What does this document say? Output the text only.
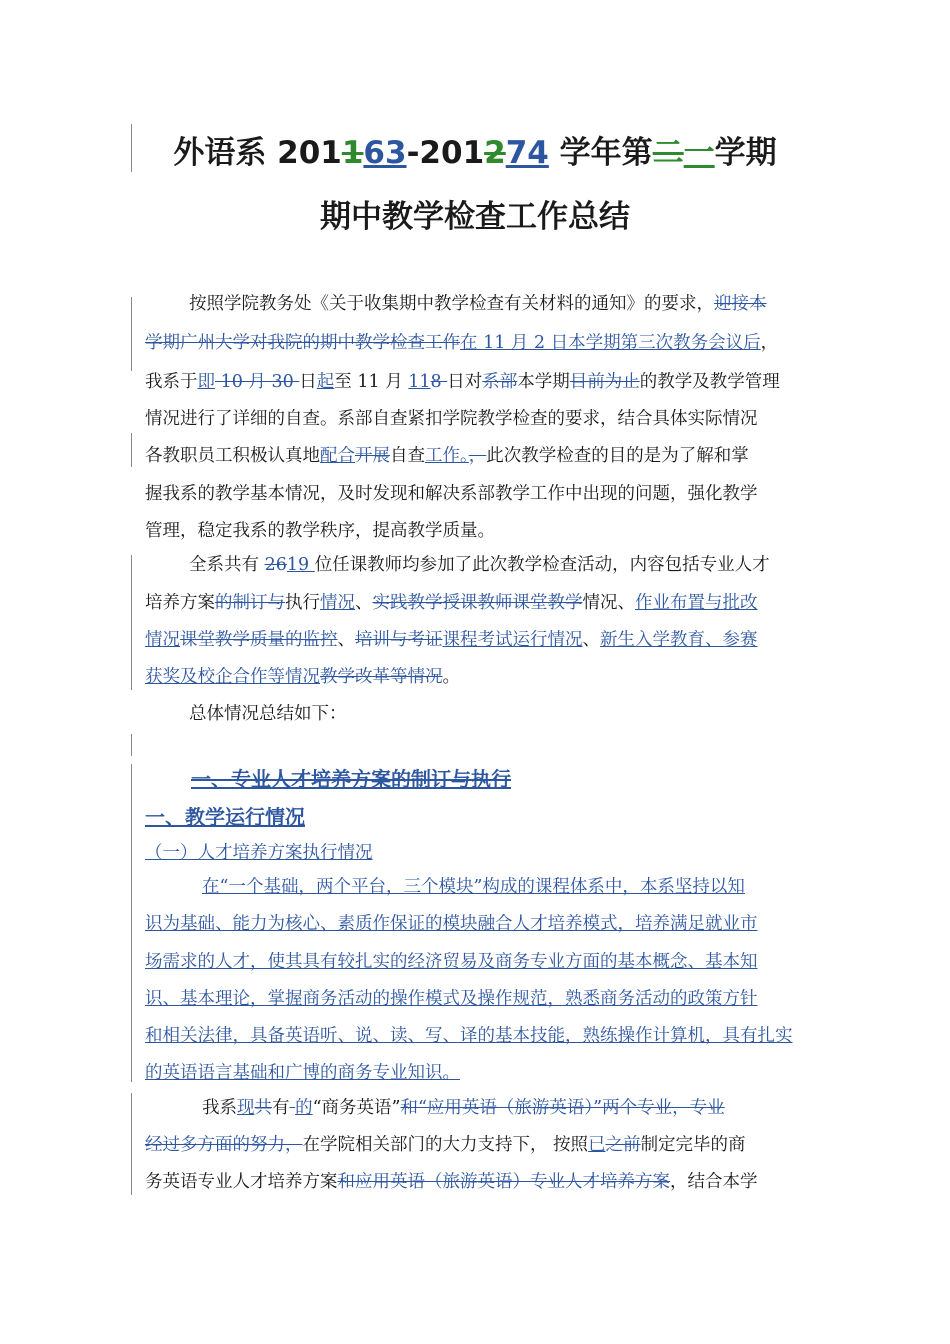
外语系 201163-201274 学年第二一学期
期中教学检查工作总结
按照学院教务处《关于收集期中教学检查有关材料的通知》的要求，迎接本
学期广州大学对我院的期中教学检查工作在 11 月 2 日本学期第三次教务会议后，
我系于即 10 月 30 日起至 11 月 118 日对系部本学期目前为止的教学及教学管理
情况进行了详细的自查。系部自查紧扣学院教学检查的要求，结合具体实际情况
各教职员工积极认真地配合开展自查工作。，此次教学检查的目的是为了解和掌
握我系的教学基本情况，及时发现和解决系部教学工作中出现的问题，强化教学
管理，稳定我系的教学秩序，提高教学质量。
全系共有 2619 位任课教师均参加了此次教学检查活动，内容包括专业人才
培养方案的制订与执行情况、实践教学授课教师课堂教学情况、作业布置与批改
情况课堂教学质量的监控、培训与考证课程考试运行情况、新生入学教育、参赛
获奖及校企合作等情况教学改革等情况。
总体情况总结如下：
一、专业人才培养方案的制订与执行
一、教学运行情况
（一）人才培养方案执行情况
在“一个基础，两个平台，三个模块”构成的课程体系中，本系坚持以知
识为基础、能力为核心、素质作保证的模块融合人才培养模式，培养满足就业市
场需求的人才，使其具有较扎实的经济贸易及商务专业方面的基本概念、基本知
识、基本理论，掌握商务活动的操作模式及操作规范，熟悉商务活动的政策方针
和相关法律，具备英语听、说、读、写、译的基本技能，熟练操作计算机，具有扎实
的英语语言基础和广博的商务专业知识。
我系现共有 的“商务英语”和“应用英语（旅游英语）”两个专业，专业
经过多方面的努力，在学院相关部门的大力支持下， 按照已之前制定完毕的商
务英语专业人才培养方案和应用英语（旅游英语）专业人才培养方案，结合本学
